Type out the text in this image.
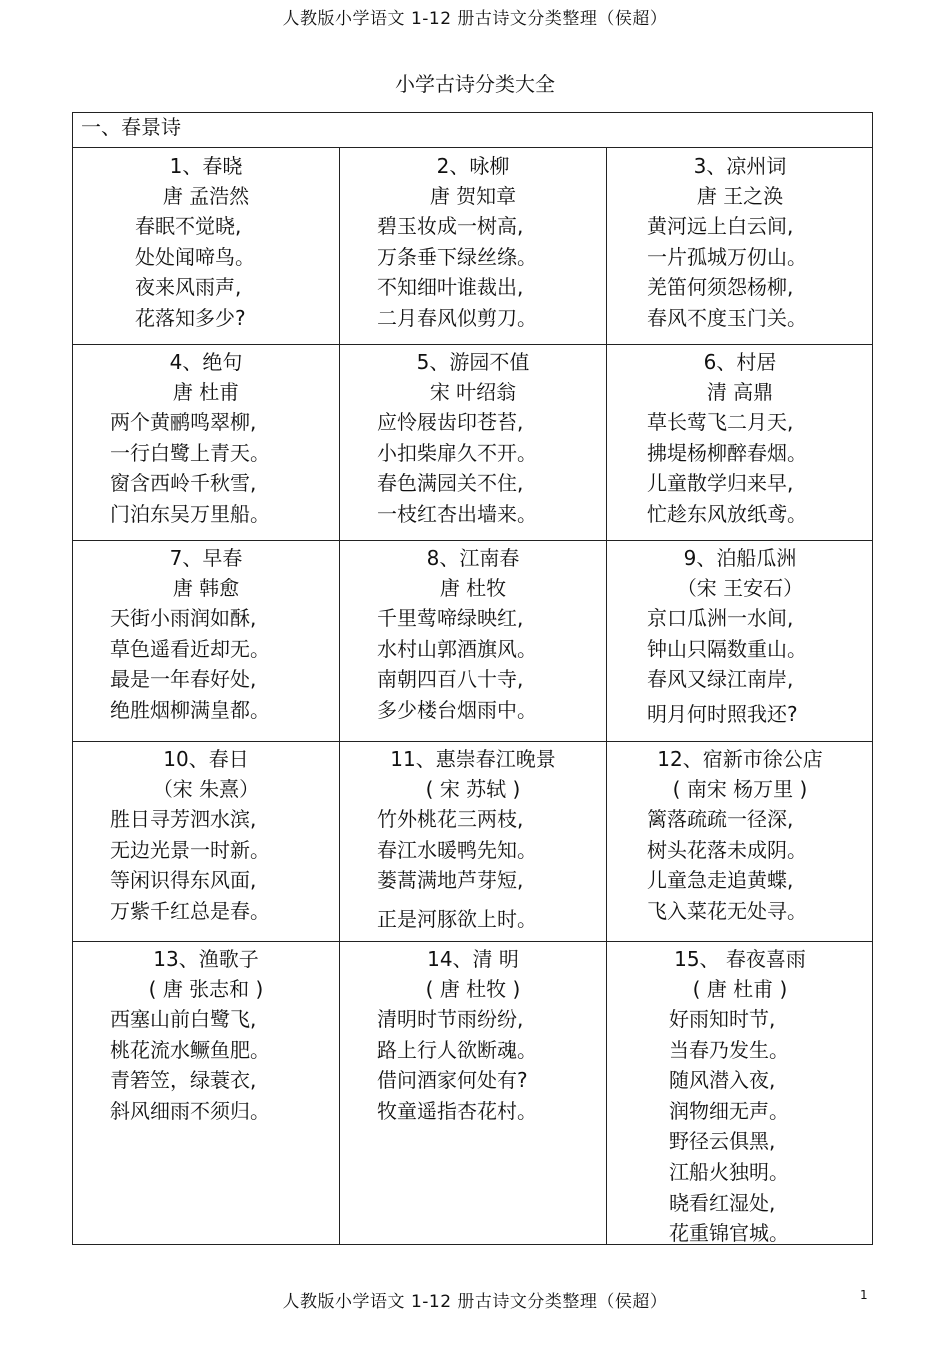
人教版小学语文 1-12 册古诗文分类整理（侯超）
小学古诗分类大全
一、春景诗
1、春晓
唐 孟浩然
春眠不觉晓,
处处闻啼鸟。
夜来风雨声,
花落知多少?
2、咏柳
唐 贺知章
碧玉妆成一树高,
万条垂下绿丝绦。
不知细叶谁裁出,
二月春风似剪刀。
3、凉州词
唐 王之涣
黄河远上白云间,
一片孤城万仞山。
羌笛何须怨杨柳,
春风不度玉门关。
4、绝句
唐 杜甫
两个黄鹂鸣翠柳,
一行白鹭上青天。
窗含西岭千秋雪,
门泊东吴万里船。
5、游园不值
宋 叶绍翁
应怜屐齿印苍苔,
小扣柴扉久不开。
春色满园关不住,
一枝红杏出墙来。
6、村居
清 高鼎
草长莺飞二月天,
拂堤杨柳醉春烟。
儿童散学归来早,
忙趁东风放纸鸢。
7、早春
唐 韩愈
天街小雨润如酥,
草色遥看近却无。
最是一年春好处,
绝胜烟柳满皇都。
8、江南春
唐 杜牧
千里莺啼绿映红,
水村山郭酒旗风。
南朝四百八十寺,
多少楼台烟雨中。
9、泊船瓜洲
（宋 王安石）
京口瓜洲一水间,
钟山只隔数重山。
春风又绿江南岸,
明月何时照我还?
10、春日
（宋 朱熹）
胜日寻芳泗水滨,
无边光景一时新。
等闲识得东风面,
万紫千红总是春。
11、惠崇春江晚景
( 宋 苏轼 )
竹外桃花三两枝,
春江水暖鸭先知。
蒌蒿满地芦芽短,
正是河豚欲上时。
12、宿新市徐公店
( 南宋 杨万里 )
篱落疏疏一径深,
树头花落未成阴。
儿童急走追黄蝶,
飞入菜花无处寻。
13、渔歌子
( 唐 张志和 )
西塞山前白鹭飞,
桃花流水鳜鱼肥。
青箬笠，绿蓑衣,
斜风细雨不须归。
14、清 明
( 唐 杜牧 )
清明时节雨纷纷,
路上行人欲断魂。
借问酒家何处有?
牧童遥指杏花村。
15、 春夜喜雨
( 唐 杜甫 )
好雨知时节,
当春乃发生。
随风潜入夜,
润物细无声。
野径云俱黑,
江船火独明。
晓看红湿处,
花重锦官城。
人教版小学语文 1-12 册古诗文分类整理（侯超）	1
